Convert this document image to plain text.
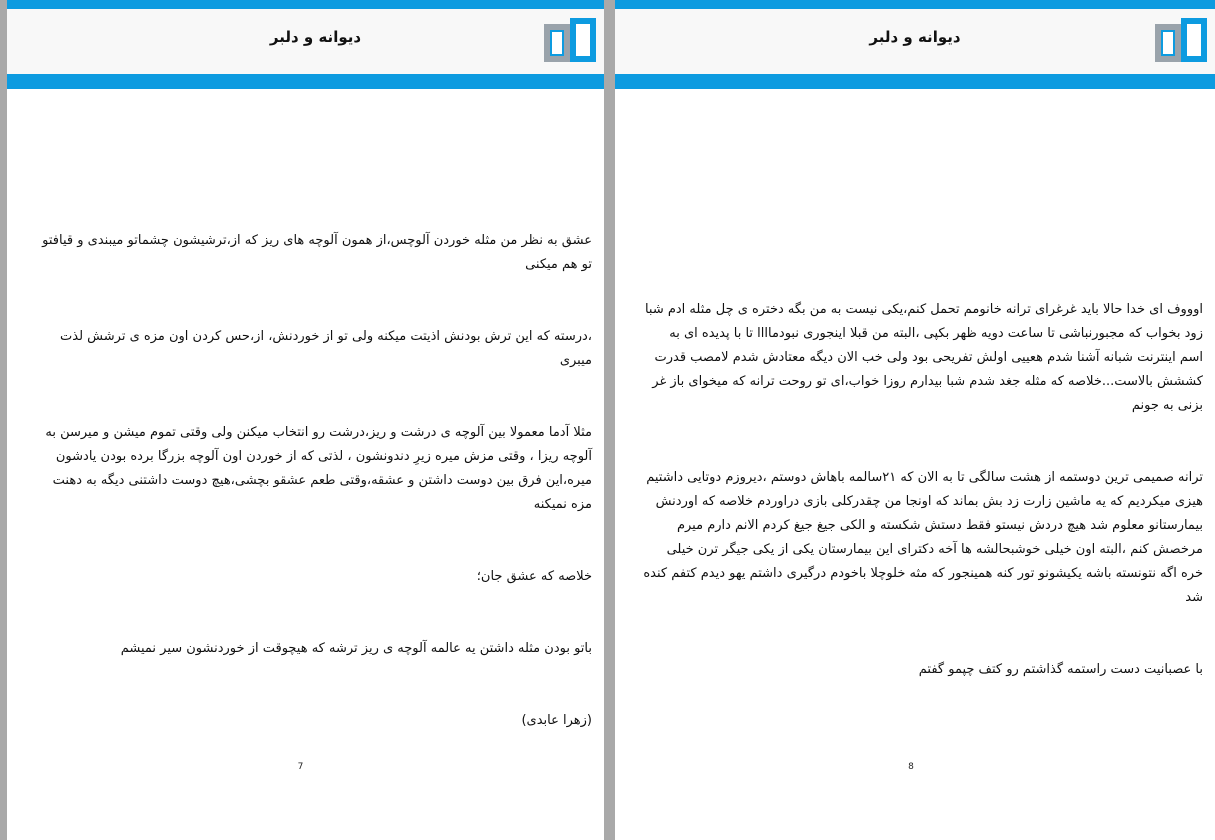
دیوانه و دلبر

عشق به نظر من مثله خوردن آلوچس،از همون آلوچه های ریز که از،ترشیشون چشماتو میبندی و قیافتو تو هم میکنی

،درسته که این ترش بودنش اذیتت میکنه ولی تو از خوردنش، از،حس کردن اون مزه ی ترشش لذت میبری

مثلا آدما معمولا بین آلوچه ی درشت و ریز،درشت رو انتخاب میکنن ولی وقتی تموم میشن و میرسن به آلوچه ریزا ، وقتی مزش میره زیرِ دندونشون ، لذتی که از خوردن اون آلوچه بزرگا برده بودن یادشون میره،این فرق بین دوست داشتن و عشقه،وقتی طعم عشقو بچشی،هیچ دوست داشتنی دیگه به دهنت مزه نمیکنه

خلاصه که عشق جان؛

باتو بودن مثله داشتن یه عالمه آلوچه ی ریز ترشه که هیچوقت از خوردنشون سیر نمیشم

(زهرا عابدی)

7
دیوانه و دلبر

اوووف ای خدا حالا باید غرغرای ترانه خانومم تحمل کنم،یکی نیست به من بگه دختره ی چل مثله ادم شبا زود بخواب که مجبورنباشی تا ساعت دویه ظهر بکپی ،البته من قبلا اینجوری نبودماااا تا با پدیده ای به اسم اینترنت شبانه آشنا شدم هعییی اولش تفریحی بود ولی خب الان دیگه معتادش شدم لامصب قدرت کششش بالاست...خلاصه که مثله جغد شدم شبا بیدارم روزا خواب،ای تو روحت ترانه که میخوای باز غر بزنی به جونم

ترانه صمیمی ترین دوستمه از هشت سالگی تا به الان که ۲۱سالمه باهاش دوستم ،دیروزم دوتایی داشتیم هیزی میکردیم که یه ماشین زارت زد بش بماند که اونجا من چقدرکلی بازی دراوردم خلاصه که اوردنش بیمارستانو معلوم شد هیچ دردش نیستو فقط دستش شکسته و الکی جیغ جیغ کردم الانم دارم میرم مرخصش کنم ،البته اون خیلی خوشبحالشه ها آخه دکترای این بیمارستان یکی از یکی جیگر ترن خیلی خره اگه نتونسته باشه یکیشونو تور کنه همینجور که مثه خلوچلا باخودم درگیری داشتم یهو دیدم کتفم کنده شد

با عصبانیت دست راستمه گذاشتم رو کتف چپمو گفتم

8
